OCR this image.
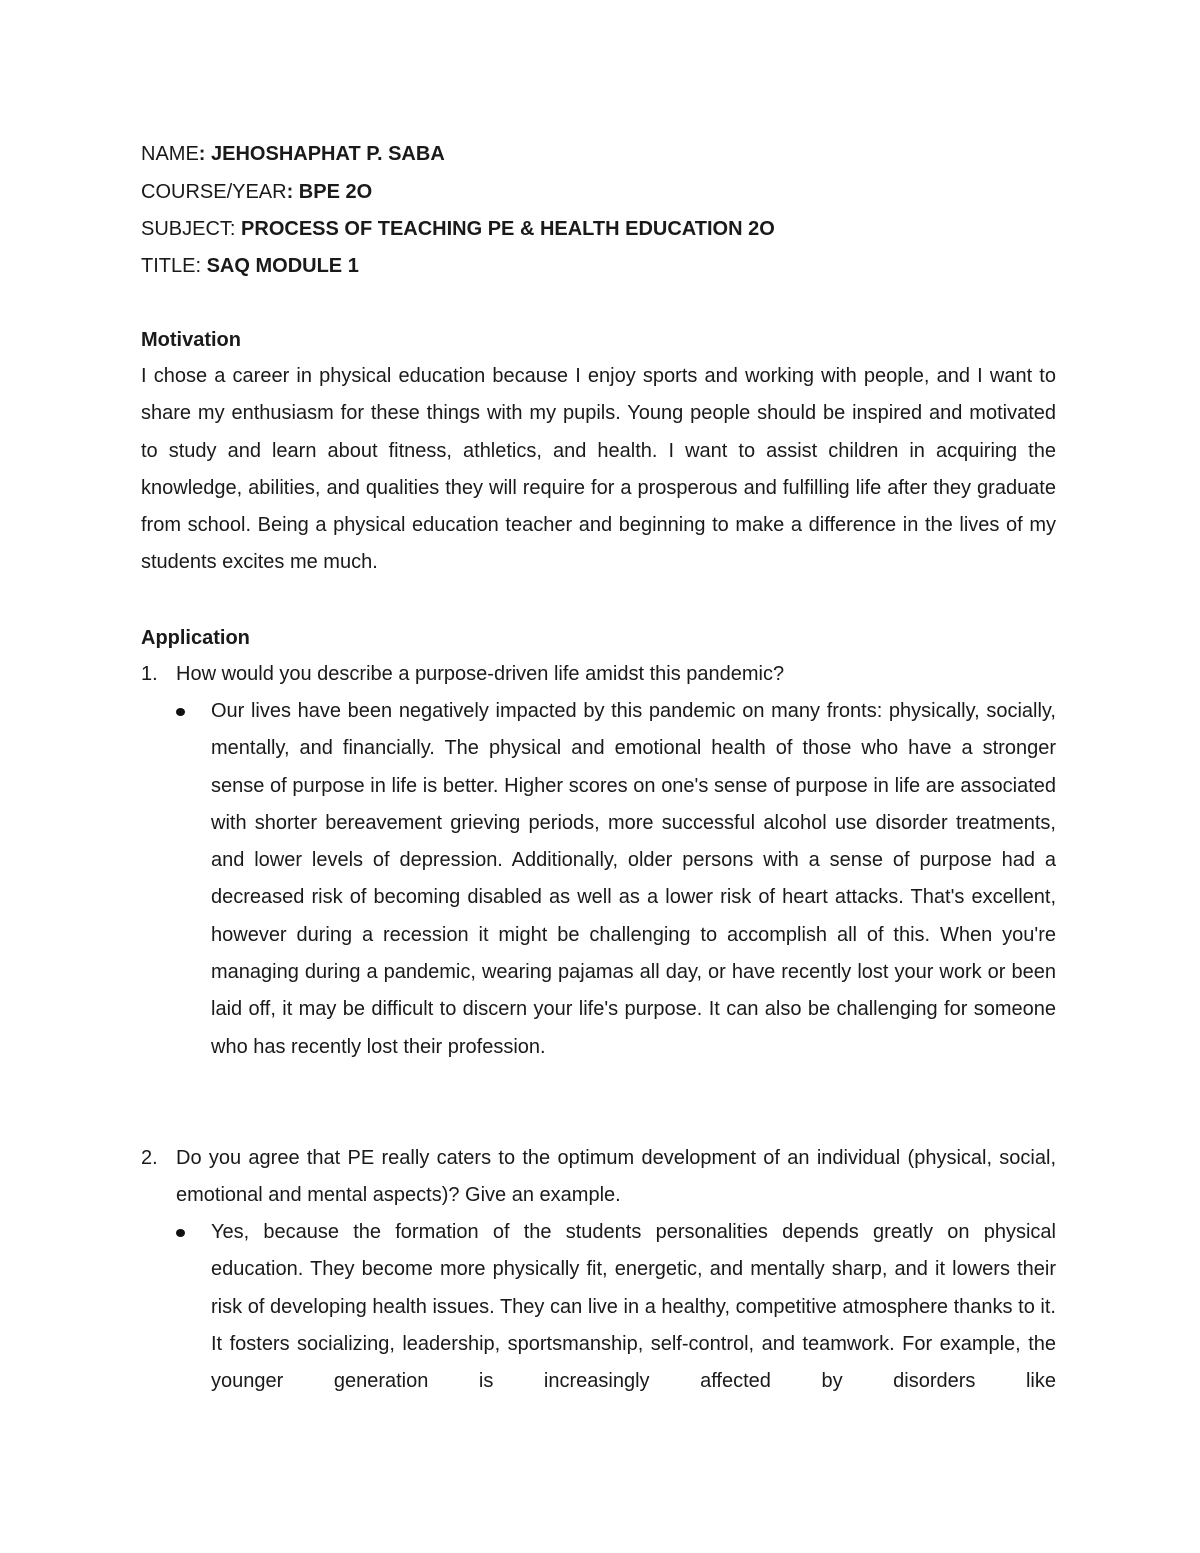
NAME: JEHOSHAPHAT P. SABA
COURSE/YEAR: BPE 2O
SUBJECT: PROCESS OF TEACHING PE & HEALTH EDUCATION 2O
TITLE: SAQ MODULE 1
Motivation

I chose a career in physical education because I enjoy sports and working with people, and I want to share my enthusiasm for these things with my pupils. Young people should be inspired and motivated to study and learn about fitness, athletics, and health. I want to assist children in acquiring the knowledge, abilities, and qualities they will require for a prosperous and fulfilling life after they graduate from school. Being a physical education teacher and beginning to make a difference in the lives of my students excites me much.

Application
1. How would you describe a purpose-driven life amidst this pandemic?
Our lives have been negatively impacted by this pandemic on many fronts: physically, socially, mentally, and financially. The physical and emotional health of those who have a stronger sense of purpose in life is better. Higher scores on one's sense of purpose in life are associated with shorter bereavement grieving periods, more successful alcohol use disorder treatments, and lower levels of depression. Additionally, older persons with a sense of purpose had a decreased risk of becoming disabled as well as a lower risk of heart attacks. That's excellent, however during a recession it might be challenging to accomplish all of this. When you're managing during a pandemic, wearing pajamas all day, or have recently lost your work or been laid off, it may be difficult to discern your life's purpose. It can also be challenging for someone who has recently lost their profession.
2. Do you agree that PE really caters to the optimum development of an individual (physical, social, emotional and mental aspects)? Give an example.
Yes, because the formation of the students personalities depends greatly on physical education. They become more physically fit, energetic, and mentally sharp, and it lowers their risk of developing health issues. They can live in a healthy, competitive atmosphere thanks to it. It fosters socializing, leadership, sportsmanship, self-control, and teamwork. For example, the younger generation is increasingly affected by disorders like
